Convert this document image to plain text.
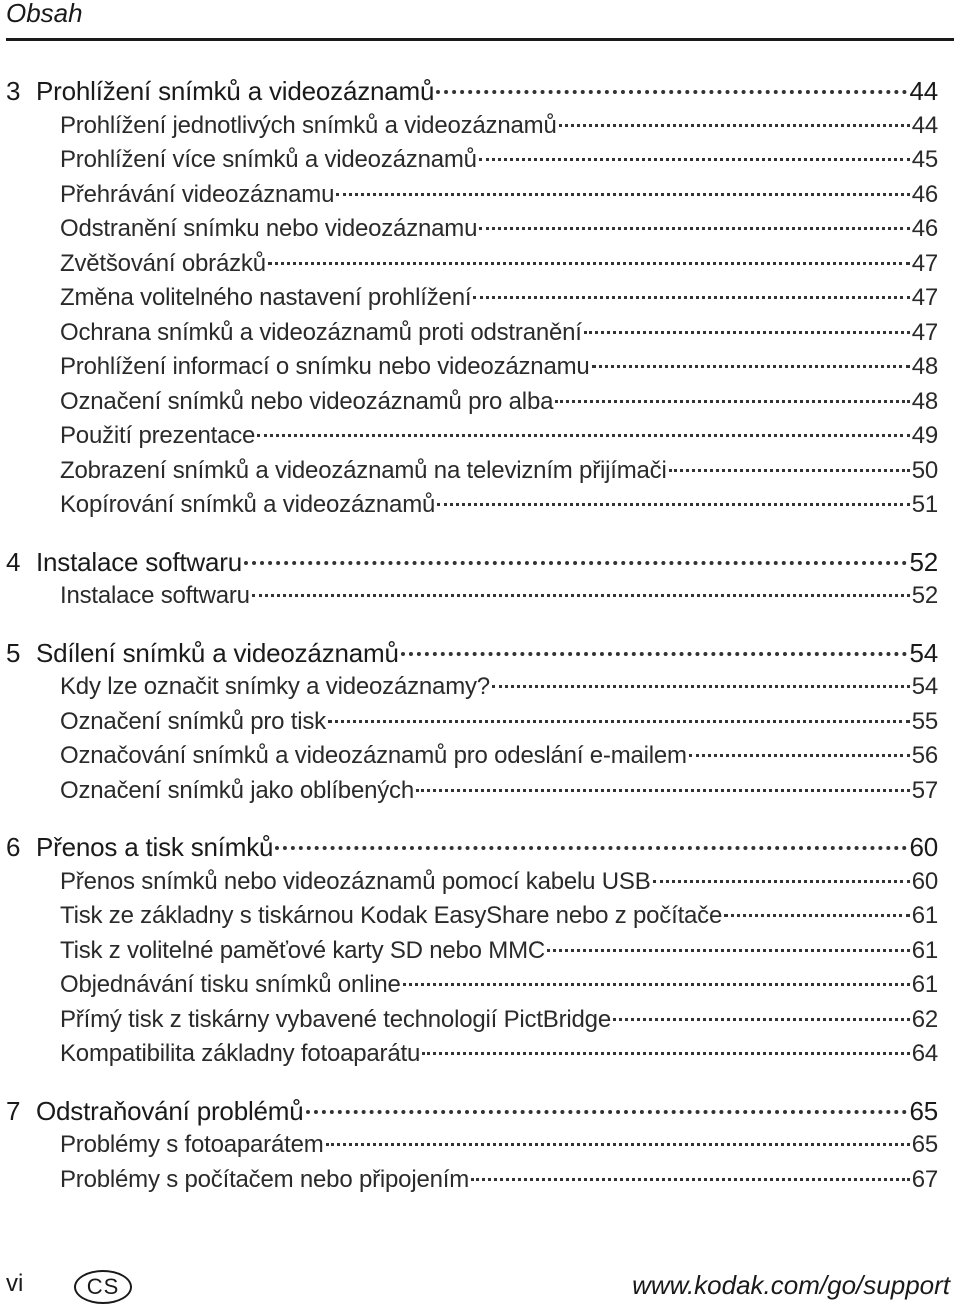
Obsah
3 Prohlížení snímků a videozáznamů	44
Prohlížení jednotlivých snímků a videozáznamů	44
Prohlížení více snímků a videozáznamů	45
Přehrávání videozáznamu	46
Odstranění snímku nebo videozáznamu	46
Zvětšování obrázků	47
Změna volitelného nastavení prohlížení	47
Ochrana snímků a videozáznamů proti odstranění	47
Prohlížení informací o snímku nebo videozáznamu	48
Označení snímků nebo videozáznamů pro alba	48
Použití prezentace	49
Zobrazení snímků a videozáznamů na televizním přijímači	50
Kopírování snímků a videozáznamů	51
4 Instalace softwaru	52
Instalace softwaru	52
5 Sdílení snímků a videozáznamů	54
Kdy lze označit snímky a videozáznamy?	54
Označení snímků pro tisk	55
Označování snímků a videozáznamů pro odeslání e-mailem	56
Označení snímků jako oblíbených	57
6 Přenos a tisk snímků	60
Přenos snímků nebo videozáznamů pomocí kabelu USB	60
Tisk ze základny s tiskárnou Kodak EasyShare nebo z počítače	61
Tisk z volitelné paměťové karty SD nebo MMC	61
Objednávání tisku snímků online	61
Přímý tisk z tiskárny vybavené technologií PictBridge	62
Kompatibilita základny fotoaparátu	64
7 Odstraňování problémů	65
Problémy s fotoaparátem	65
Problémy s počítačem nebo připojením	67
vi	CS	www.kodak.com/go/support
